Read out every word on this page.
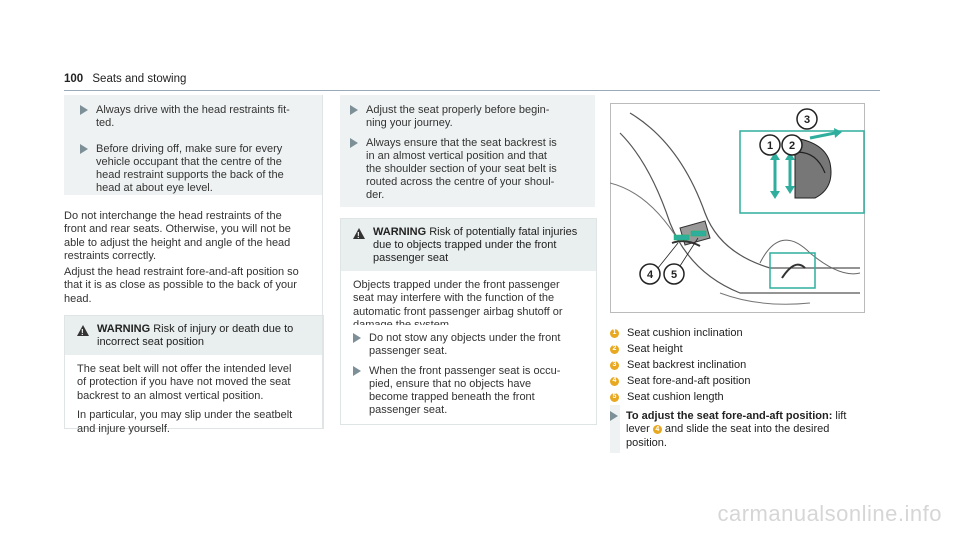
100 Seats and stowing
Always drive with the head restraints fit-
ted.
Before driving off, make sure for every
vehicle occupant that the centre of the
head restraint supports the back of the
head at about eye level.
Do not interchange the head restraints of the
front and rear seats. Otherwise, you will not be
able to adjust the height and angle of the head
restraints correctly.
Adjust the head restraint fore-and-aft position so
that it is as close as possible to the back of your
head.
!
WARNING Risk of injury or death due to
incorrect seat position

The seat belt will not offer the intended level
of protection if you have not moved the seat
backrest to an almost vertical position.

In particular, you may slip under the seatbelt
and injure yourself.

Adjust the seat properly before begin-
ning your journey.
Always ensure that the seat backrest is
in an almost vertical position and that
the shoulder section of your seat belt is
routed across the centre of your shoul-
der.
!
WARNING Risk of potentially fatal injuries
due to objects trapped under the front
passenger seat

Objects trapped under the front passenger
seat may interfere with the function of the
automatic front passenger airbag shutoff or

Do not stow any objects under the front
passenger seat.
When the front passenger seat is occu-
pied, ensure that no objects have
become trapped beneath the front
passenger seat.
1 2
3
4 5
1 Seat cushion inclination
2 Seat height
3 Seat backrest inclination
4 Seat fore-and-aft position
5 Seat cushion length
To adjust the seat fore-and-aft position: lift
lever 4 and slide the seat into the desired
position.
carmanualsonline.info
